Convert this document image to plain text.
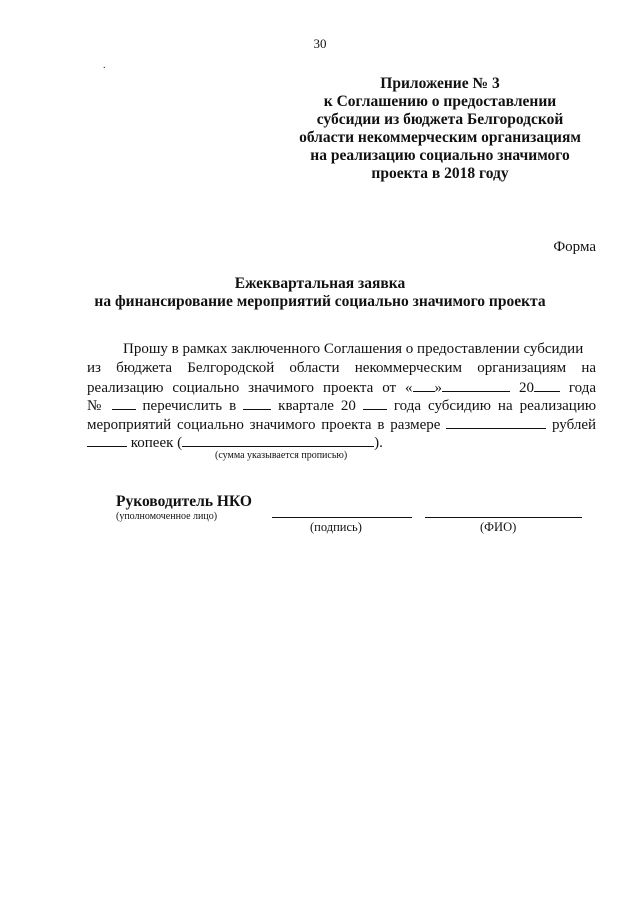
30
.
Приложение № 3
к Соглашению о предоставлении
субсидии из бюджета Белгородской
области некоммерческим организациям
на реализацию социально значимого
проекта в 2018 году
Форма
Ежеквартальная заявка
на финансирование мероприятий социально значимого проекта
Прошу в рамках заключенного Соглашения о предоставлении субсидии
из бюджета Белгородской области некоммерческим организациям на
реализацию социально значимого проекта от « »	20 года
№	перечислить в	квартале 20	года субсидию на реализацию
мероприятий социально значимого проекта в размере	рублей
копеек (	).
(сумма указывается прописью)
Руководитель НКО
(уполномоченное лицо)
(подпись)	(ФИО)
